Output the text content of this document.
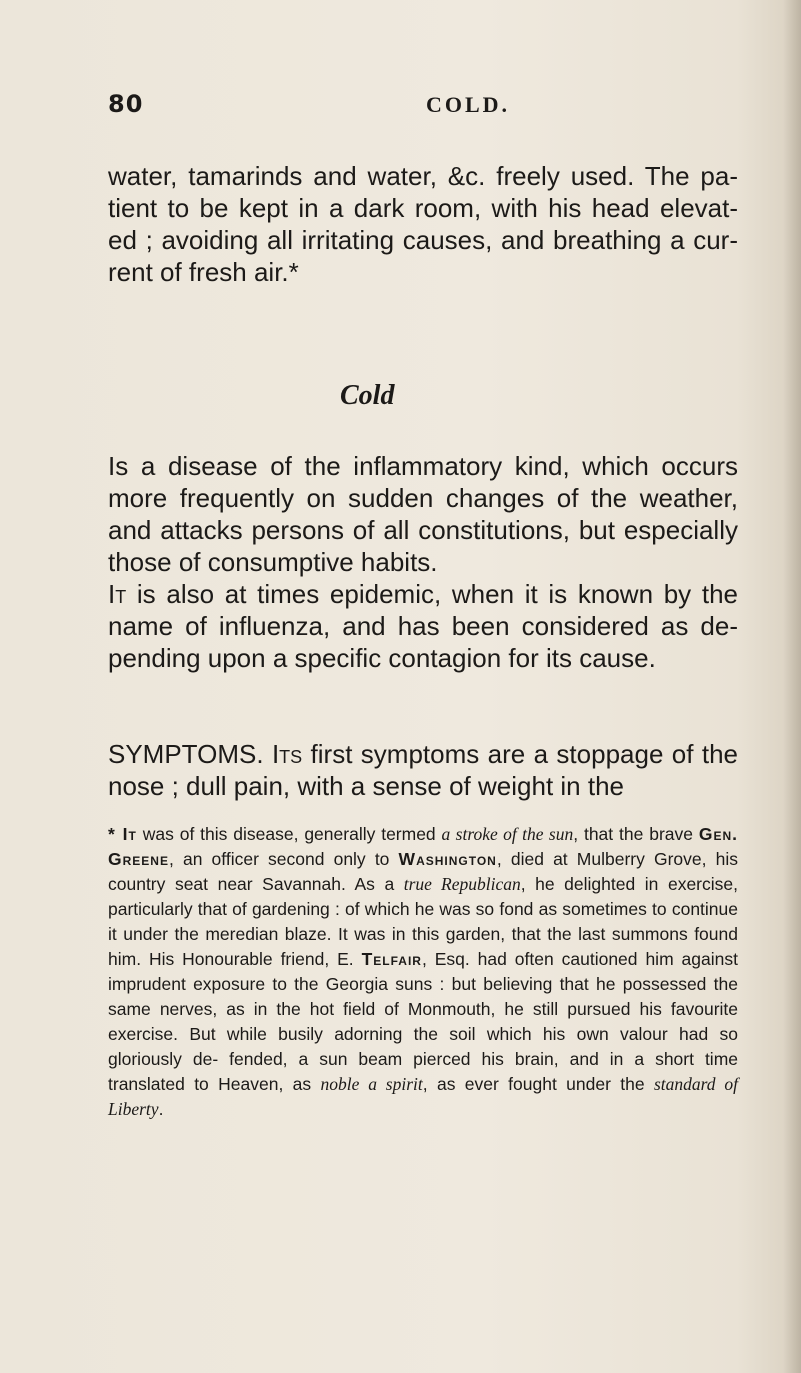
80	COLD.

water, tamarinds and water, &c. freely used. The pa- tient to be kept in a dark room, with his head elevat- ed ; avoiding all irritating causes, and breathing a cur- rent of fresh air.*

Cold

Is a disease of the inflammatory kind, which occurs more frequently on sudden changes of the weather, and attacks persons of all constitutions, but especially those of consumptive habits.

It is also at times epidemic, when it is known by the name of influenza, and has been considered as de- pending upon a specific contagion for its cause.

SYMPTOMS. Its first symptoms are a stoppage of the nose ; dull pain, with a sense of weight in the

* It was of this disease, generally termed a stroke of the sun, that the brave Gen. Greene, an officer second only to Washington, died at Mulberry Grove, his country seat near Savannah. As a true Republican, he delighted in exercise, particularly that of gardening : of which he was so fond as sometimes to continue it under the meredian blaze. It was in this garden, that the last summons found him. His Honourable friend, E. Telfair, Esq. had often cautioned him against imprudent exposure to the Georgia suns : but believing that he possessed the same nerves, as in the hot field of Monmouth, he still pursued his favourite exercise. But while busily adorning the soil which his own valour had so gloriously de- fended, a sun beam pierced his brain, and in a short time translated to Heaven, as noble a spirit, as ever fought under the standard of Liberty.
